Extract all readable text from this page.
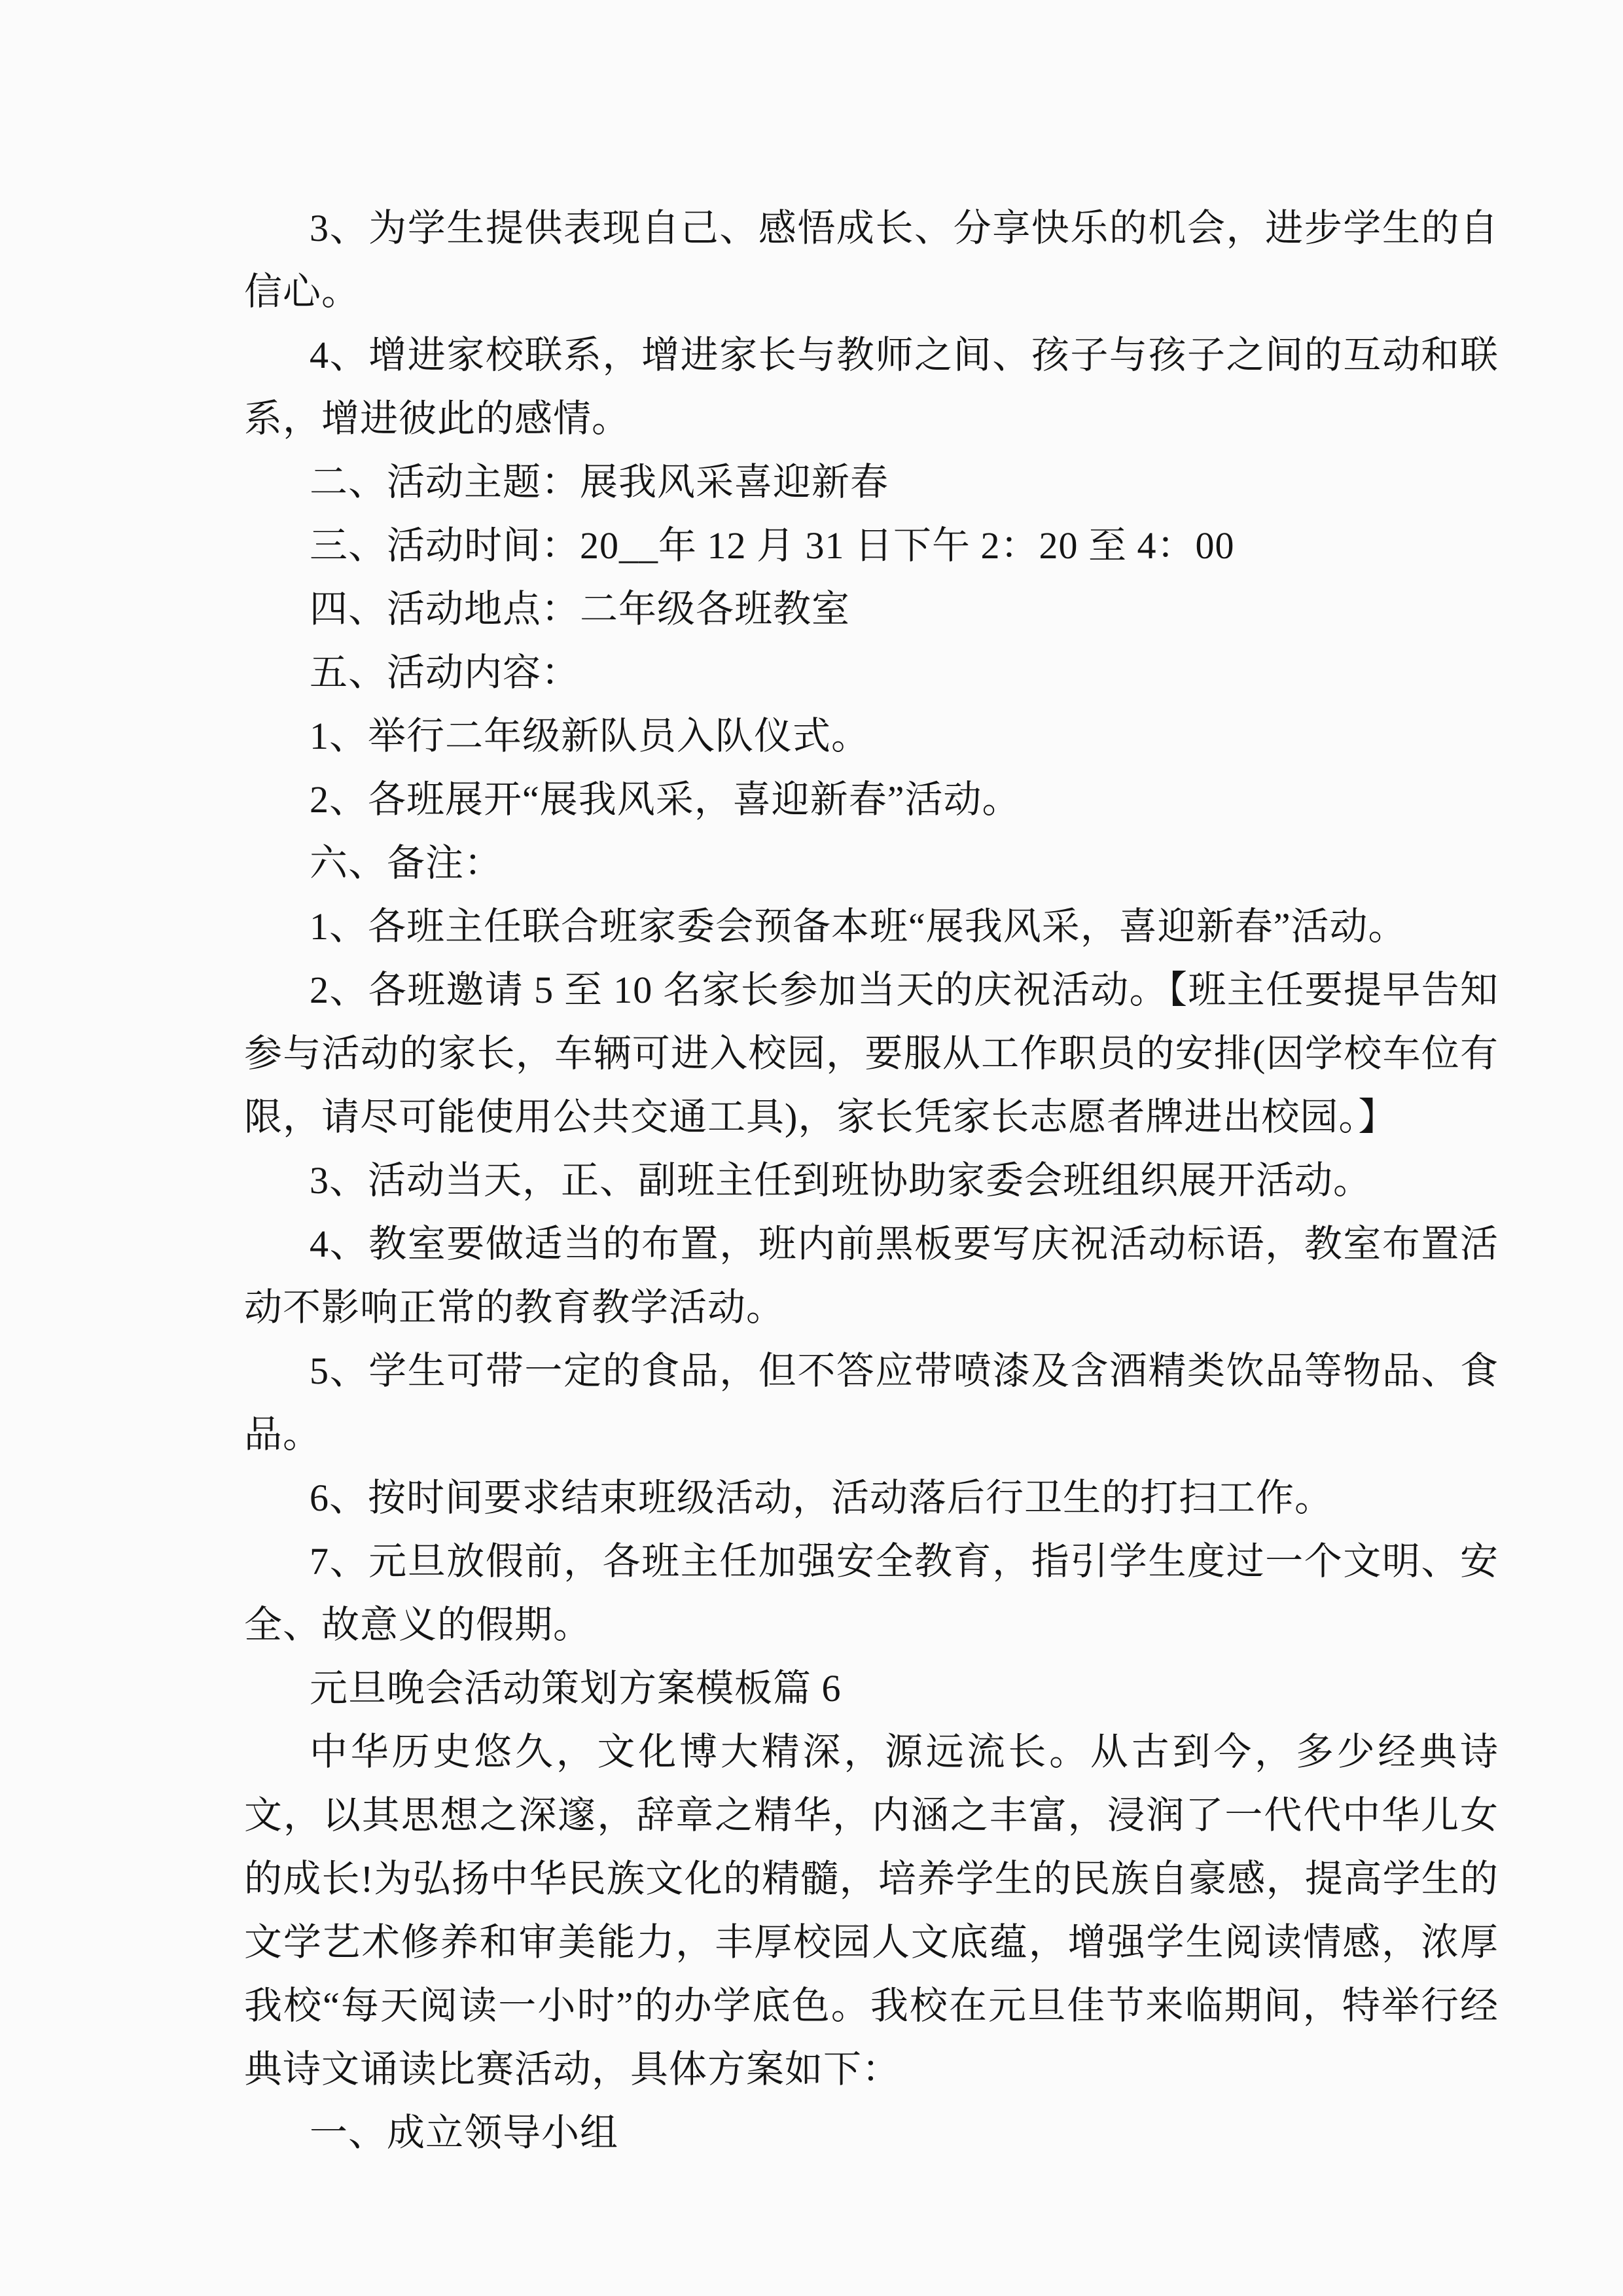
3、为学生提供表现自己、感悟成长、分享快乐的机会，进步学生的自信心。

4、增进家校联系，增进家长与教师之间、孩子与孩子之间的互动和联系，增进彼此的感情。

二、活动主题：展我风采喜迎新春

三、活动时间：20__年 12 月 31 日下午 2：20 至 4：00

四、活动地点：二年级各班教室

五、活动内容：

1、举行二年级新队员入队仪式。

2、各班展开“展我风采，喜迎新春”活动。

六、备注：

1、各班主任联合班家委会预备本班“展我风采，喜迎新春”活动。

2、各班邀请 5 至 10 名家长参加当天的庆祝活动。【班主任要提早告知参与活动的家长，车辆可进入校园，要服从工作职员的安排(因学校车位有限，请尽可能使用公共交通工具)，家长凭家长志愿者牌进出校园。】

3、活动当天，正、副班主任到班协助家委会班组织展开活动。

4、教室要做适当的布置，班内前黑板要写庆祝活动标语，教室布置活动不影响正常的教育教学活动。

5、学生可带一定的食品，但不答应带喷漆及含酒精类饮品等物品、食品。

6、按时间要求结束班级活动，活动落后行卫生的打扫工作。

7、元旦放假前，各班主任加强安全教育，指引学生度过一个文明、安全、故意义的假期。

元旦晚会活动策划方案模板篇 6

中华历史悠久，文化博大精深，源远流长。从古到今，多少经典诗文，以其思想之深邃，辞章之精华，内涵之丰富，浸润了一代代中华儿女的成长!为弘扬中华民族文化的精髓，培养学生的民族自豪感，提高学生的文学艺术修养和审美能力，丰厚校园人文底蕴，增强学生阅读情感，浓厚我校“每天阅读一小时”的办学底色。我校在元旦佳节来临期间，特举行经典诗文诵读比赛活动，具体方案如下：

一、成立领导小组
